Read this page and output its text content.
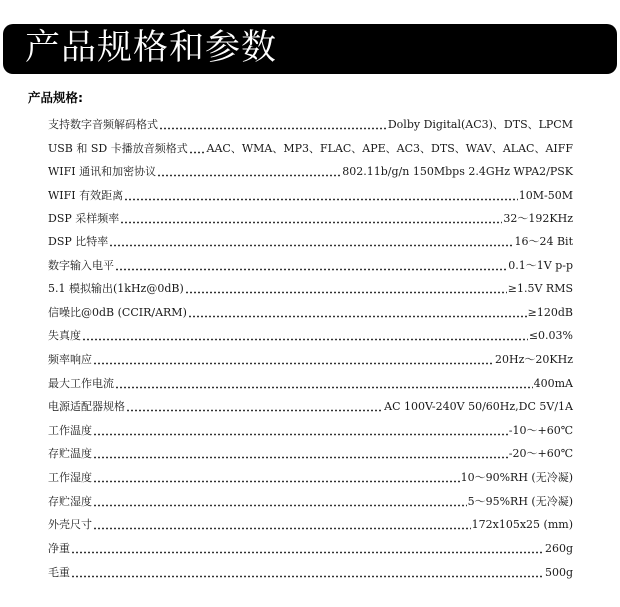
产品规格和参数
产品规格:
支持数字音频解码格式	Dolby Digital(AC3)、DTS、LPCM
USB 和 SD 卡播放音频格式 AAC、WMA、MP3、FLAC、APE、AC3、DTS、WAV、ALAC、AIFF
WIFI 通讯和加密协议	802.11b/g/n 150Mbps 2.4GHz WPA2/PSK
WIFI 有效距离	10M-50M
DSP 采样频率	32～192KHz
DSP 比特率	16～24 Bit
数字输入电平	0.1～1V p-p
5.1 模拟输出(1kHz@0dB)	≥1.5V RMS
信噪比@0dB (CCIR/ARM)	≥120dB
失真度	≤0.03%
频率响应	20Hz～20KHz
最大工作电流	400mA
电源适配器规格	AC 100V-240V 50/60Hz,DC 5V/1A
工作温度	-10～+60℃
存贮温度	-20～+60℃
工作湿度	10～90%RH (无冷凝)
存贮湿度	5～95%RH (无冷凝)
外壳尺寸	172x105x25 (mm)
净重	260g
毛重	500g
